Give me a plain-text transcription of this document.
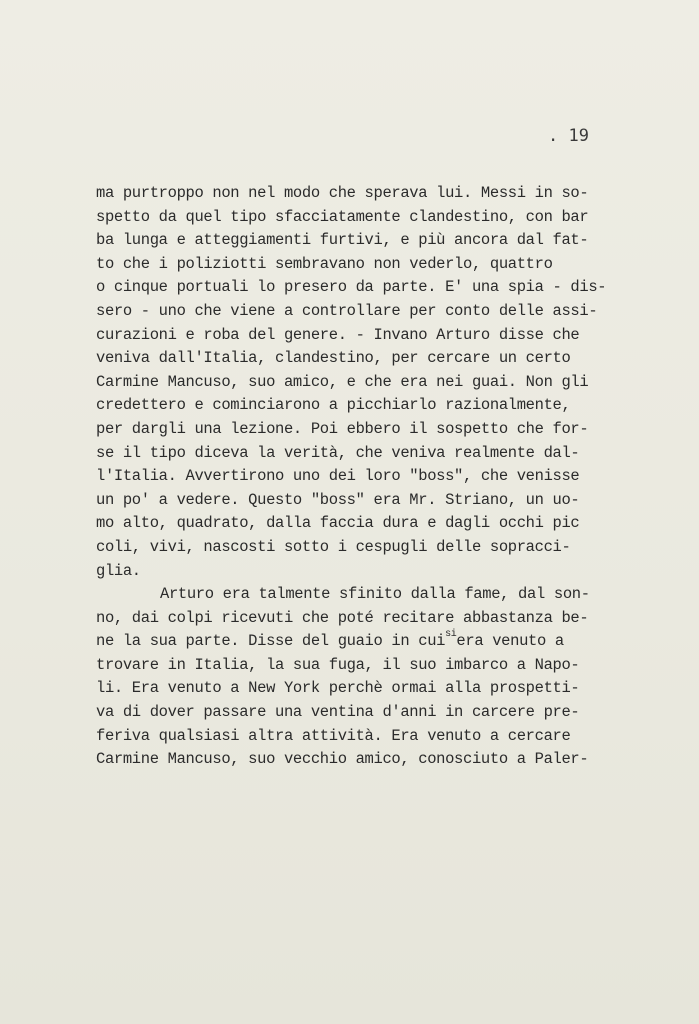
. 19
ma purtroppo non nel modo che sperava lui. Messi in so-
spetto da quel tipo sfacciatamente clandestino, con bar
ba lunga e atteggiamenti furtivi, e più ancora dal fat-
to che i poliziotti sembravano non vederlo, quattro
o cinque portuali lo presero da parte. E' una spia - dis-
sero - uno che viene a controllare per conto delle assi-
curazioni e roba del genere. - Invano Arturo disse che
veniva dall'Italia, clandestino, per cercare un certo
Carmine Mancuso, suo amico, e che era nei guai. Non gli
credettero e cominciarono a picchiarlo razionalmente,
per dargli una lezione. Poi ebbero il sospetto che for-
se il tipo diceva la verità, che veniva realmente dal-
l'Italia. Avvertirono uno dei loro "boss", che venisse
un po' a vedere. Questo "boss" era Mr. Striano, un uo-
mo alto, quadrato, dalla faccia dura e dagli occhi pic
coli, vivi, nascosti sotto i cespugli delle sopracci-
glia.
Arturo era talmente sfinito dalla fame, dal son-
no, dai colpi ricevuti che poté recitare abbastanza be-
ne la sua parte. Disse del guaio in cui$^{si}$era venuto a
trovare in Italia, la sua fuga, il suo imbarco a Napo-
li. Era venuto a New York perchè ormai alla prospetti-
va di dover passare una ventina d'anni in carcere pre-
feriva qualsiasi altra attività. Era venuto a cercare
Carmine Mancuso, suo vecchio amico, conosciuto a Paler-
